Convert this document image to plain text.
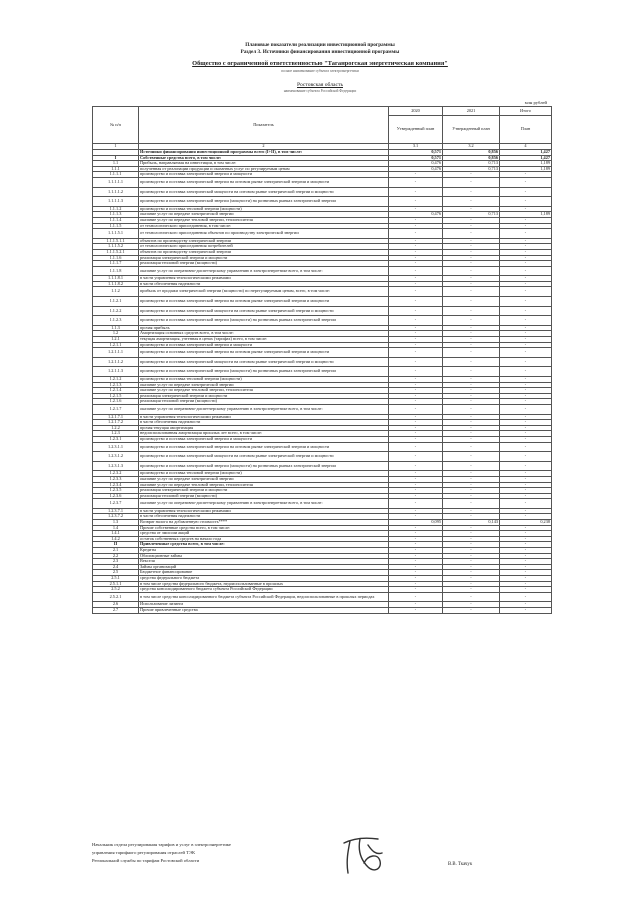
Плановые показатели реализации инвестиционной программы
Раздел 3. Источники финансирования инвестиционной программы
Общество с ограниченной ответственностью "Таганрогская энергетическая компания"
полное наименование субъекта электроэнергетики
Ростовская область
наименование субъекта Российской Федерации
млн рублей
№ п/п	Показатель	2020	2021	Итого
		Утвержденный план	Утвержденный план	План
1	2	3.1	3.2	4
	Источники финансирования инвестиционной программы всего (I+II), в том числе:	0,571	0,856	1,427
I	Собственные средства всего, в том числе:	0,571	0,856	1,427
1.1	Прибыль, направляемая на инвестиции, в том числе:	0,476	0,713	1,189
1.1.1	полученная от реализации продукции и оказанных услуг по регулируемым ценам	0,476	0,713	1,189
1.1.1.1	производство и поставка электрической энергии и мощности	-	-	-
1.1.1.1.1	производство и поставка электрической энергии на оптовом рынке электрической энергии и мощности	-	-	-
1.1.1.1.2	производство и поставка электрической мощности на оптовом рынке электрической энергии и мощности	-	-	-
1.1.1.1.3	производство и поставка электрической энергии (мощности) на розничных рынках электрической энергии	-	-	-
1.1.1.2	производство и поставка тепловой энергии (мощности)	-	-	-
1.1.1.3	оказание услуг по передаче электрической энергии	0,476	0,713	1,189
1.1.1.4	оказание услуг по передаче тепловой энергии, теплоносителя	-	-	-
1.1.1.5	от технологического присоединения, в том числе:	-	-	-
1.1.1.5.1	от технологического присоединения объектов по производству электрической энергии	-	-	-
1.1.1.5.1.1	объектов по производству электрической энергии	-	-	-
1.1.1.5.2	от технологического присоединения потребителей	-	-	-
1.1.1.5.2.1	объектов по производству электрической энергии	-	-	-
1.1.1.6	реализация электрической энергии и мощности	-	-	-
1.1.1.7	реализация тепловой энергии (мощности)	-	-	-
1.1.1.8	оказание услуг по оперативно-диспетчерскому управлению в электроэнергетике всего, в том числе:	-	-	-
1.1.1.8.1	в части управления технологическими режимами	-	-	-
1.1.1.8.2	в части обеспечения надежности	-	-	-
1.1.2	прибыль от продажи электрической энергии (мощности) по нерегулируемым ценам, всего, в том числе:	-	-	-
1.1.2.1	производство и поставка электрической энергии на оптовом рынке электрической энергии и мощности	-	-	-
1.1.2.2	производство и поставка электрической мощности на оптовом рынке электрической энергии и мощности	-	-	-
1.1.2.3	производство и поставка электрической энергии (мощности) на розничных рынках электрической энергии	-	-	-
1.1.3	прочая прибыль	-	-	-
1.2	Амортизация основных средств всего, в том числе:	-	-	-
1.2.1	текущая амортизация, учтенная в ценах (тарифах) всего, в том числе:	-	-	-
1.2.1.1	производство и поставка электрической энергии и мощности	-	-	-
1.2.1.1.1	производство и поставка электрической энергии на оптовом рынке электрической энергии и мощности	-	-	-
1.2.1.1.2	производство и поставка электрической мощности на оптовом рынке электрической энергии и мощности	-	-	-
1.2.1.1.3	производство и поставка электрической энергии (мощности) на розничных рынках электрической энергии	-	-	-
1.2.1.2	производство и поставка тепловой энергии (мощности)	-	-	-
1.2.1.3	оказание услуг по передаче электрической энергии	-	-	-
1.2.1.4	оказание услуг по передаче тепловой энергии, теплоносителя	-	-	-
1.2.1.5	реализация электрической энергии и мощности	-	-	-
1.2.1.6	реализация тепловой энергии (мощности)	-	-	-
1.2.1.7	оказание услуг по оперативно-диспетчерскому управлению в электроэнергетике всего, в том числе:	-	-	-
1.2.1.7.1	в части управления технологическими режимами	-	-	-
1.2.1.7.2	в части обеспечения надежности	-	-	-
1.2.2	прочая текущая амортизация	-	-	-
1.2.3	недоиспользованная амортизация прошлых лет всего, в том числе:	-	-	-
1.2.3.1	производство и поставка электрической энергии и мощности	-	-	-
1.2.3.1.1	производство и поставка электрической энергии на оптовом рынке электрической энергии и мощности	-	-	-
1.2.3.1.2	производство и поставка электрической мощности на оптовом рынке электрической энергии и мощности	-	-	-
1.2.3.1.3	производство и поставка электрической энергии (мощности) на розничных рынках электрической энергии	-	-	-
1.2.3.2	производство и поставка тепловой энергии (мощности)	-	-	-
1.2.3.3	оказание услуг по передаче электрической энергии	-	-	-
1.2.3.4	оказание услуг по передаче тепловой энергии, теплоносителя	-	-	-
1.2.3.5	реализация электрической энергии и мощности	-	-	-
1.2.3.6	реализация тепловой энергии (мощности)	-	-	-
1.2.3.7	оказание услуг по оперативно-диспетчерскому управлению в электроэнергетике всего, в том числе:	-	-	-
1.2.3.7.1	в части управления технологическими режимами	-	-	-
1.2.3.7.2	в части обеспечения надежности	-	-	-
1.3	Возврат налога на добавленную стоимость****	0,095	0,143	0,238
1.4	Прочие собственные средства всего, в том числе:	-	-	-
1.4.1	средства от эмиссии акций	-	-	-
1.4.2	остаток собственных средств на начало года	-	-	-
II	Привлеченные средства всего, в том числе:	-	-	-
2.1	Кредиты	-	-	-
2.2	Облигационные займы	-	-	-
2.3	Векселя	-	-	-
2.4	Займы организаций	-	-	-
2.5	Бюджетное финансирование	-	-	-
2.5.1	средства федерального бюджета	-	-	-
2.5.1.1	в том числе средства федерального бюджета, недоиспользованные в прошлых	-	-	-
2.5.2	средства консолидированного бюджета субъекта Российской Федерации	-	-	-
2.5.2.1	в том числе средства консолидированного бюджета субъекта Российской Федерации, недоиспользованные в прошлых периодах	-	-	-
2.6	Использование лизинга	-	-	-
2.7	Прочие привлеченные средства	-	-	-
Начальник отдела регулирования тарифов и услуг в электроэнергетике
управления тарифного регулирования отраслей ТЭК
Региональной службы по тарифам Ростовской области
В.В. Ткачук
